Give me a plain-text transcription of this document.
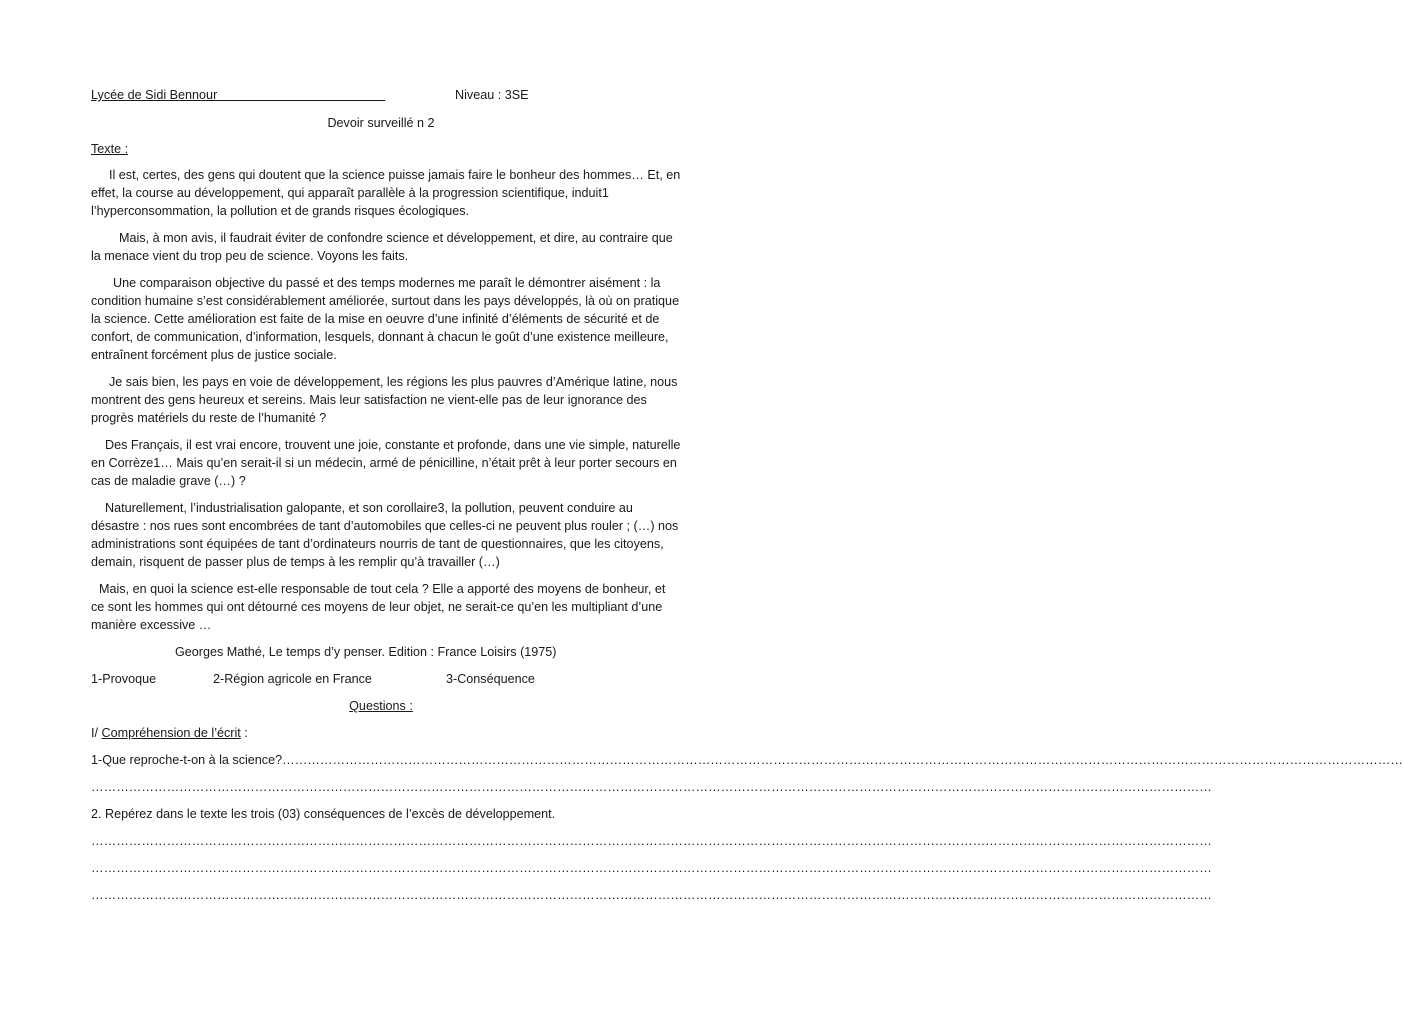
Lycée de Sidi Bennour	Niveau : 3SE
Devoir surveillé n 2
Texte :

Il est, certes, des gens qui doutent que la science puisse jamais faire le bonheur des hommes… Et, en effet, la course au développement, qui apparaît parallèle à la progression scientifique, induit1 l’hyperconsommation, la pollution et de grands risques écologiques.

Mais, à mon avis, il faudrait éviter de confondre science et développement, et dire, au contraire que la menace vient du trop peu de science. Voyons les faits.

Une comparaison objective du passé et des temps modernes me paraît le démontrer aisément : la condition humaine s’est considérablement améliorée, surtout dans les pays développés, là où on pratique la science. Cette amélioration est faite de la mise en oeuvre d’une infinité d’éléments de sécurité et de confort, de communication, d’information, lesquels, donnant à chacun le goût d’une existence meilleure, entraînent forcément plus de justice sociale.

Je sais bien, les pays en voie de développement, les régions les plus pauvres d’Amérique latine, nous montrent des gens heureux et sereins. Mais leur satisfaction ne vient-elle pas de leur ignorance des progrès matériels du reste de l’humanité ?

Des Français, il est vrai encore, trouvent une joie, constante et profonde, dans une vie simple, naturelle en Corrèze1… Mais qu’en serait-il si un médecin, armé de pénicilline, n’était prêt à leur porter secours en cas de maladie grave (…) ?

Naturellement, l’industrialisation galopante, et son corollaire3, la pollution, peuvent conduire au désastre : nos rues sont encombrées de tant d’automobiles que celles-ci ne peuvent plus rouler ; (…) nos administrations sont équipées de tant d’ordinateurs nourris de tant de questionnaires, que les citoyens, demain, risquent de passer plus de temps à les remplir qu’à travailler (…)

Mais, en quoi la science est-elle responsable de tout cela ? Elle a apporté des moyens de bonheur, et ce sont les hommes qui ont détourné ces moyens de leur objet, ne serait-ce qu’en les multipliant d’une manière excessive …

Georges Mathé, Le temps d’y penser. Edition : France Loisirs (1975)
1-Provoque	2-Région agricole en France	3-Conséquence
Questions :
I/ Compréhension de l’écrit :
1-Que reproche-t-on à la science?……………………………………………………………………………………………………………………………………………………………………………………………………………………………………………
……………………………………………………………………………………………………………………………………………………………………………………………………………………………………………
2. Repérez dans le texte les trois (03) conséquences de l’excès de développement.
……………………………………………………………………………………………………………………………………………………………………………………………………………………………………………
……………………………………………………………………………………………………………………………………………………………………………………………………………………………………………
……………………………………………………………………………………………………………………………………………………………………………………………………………………………………………
